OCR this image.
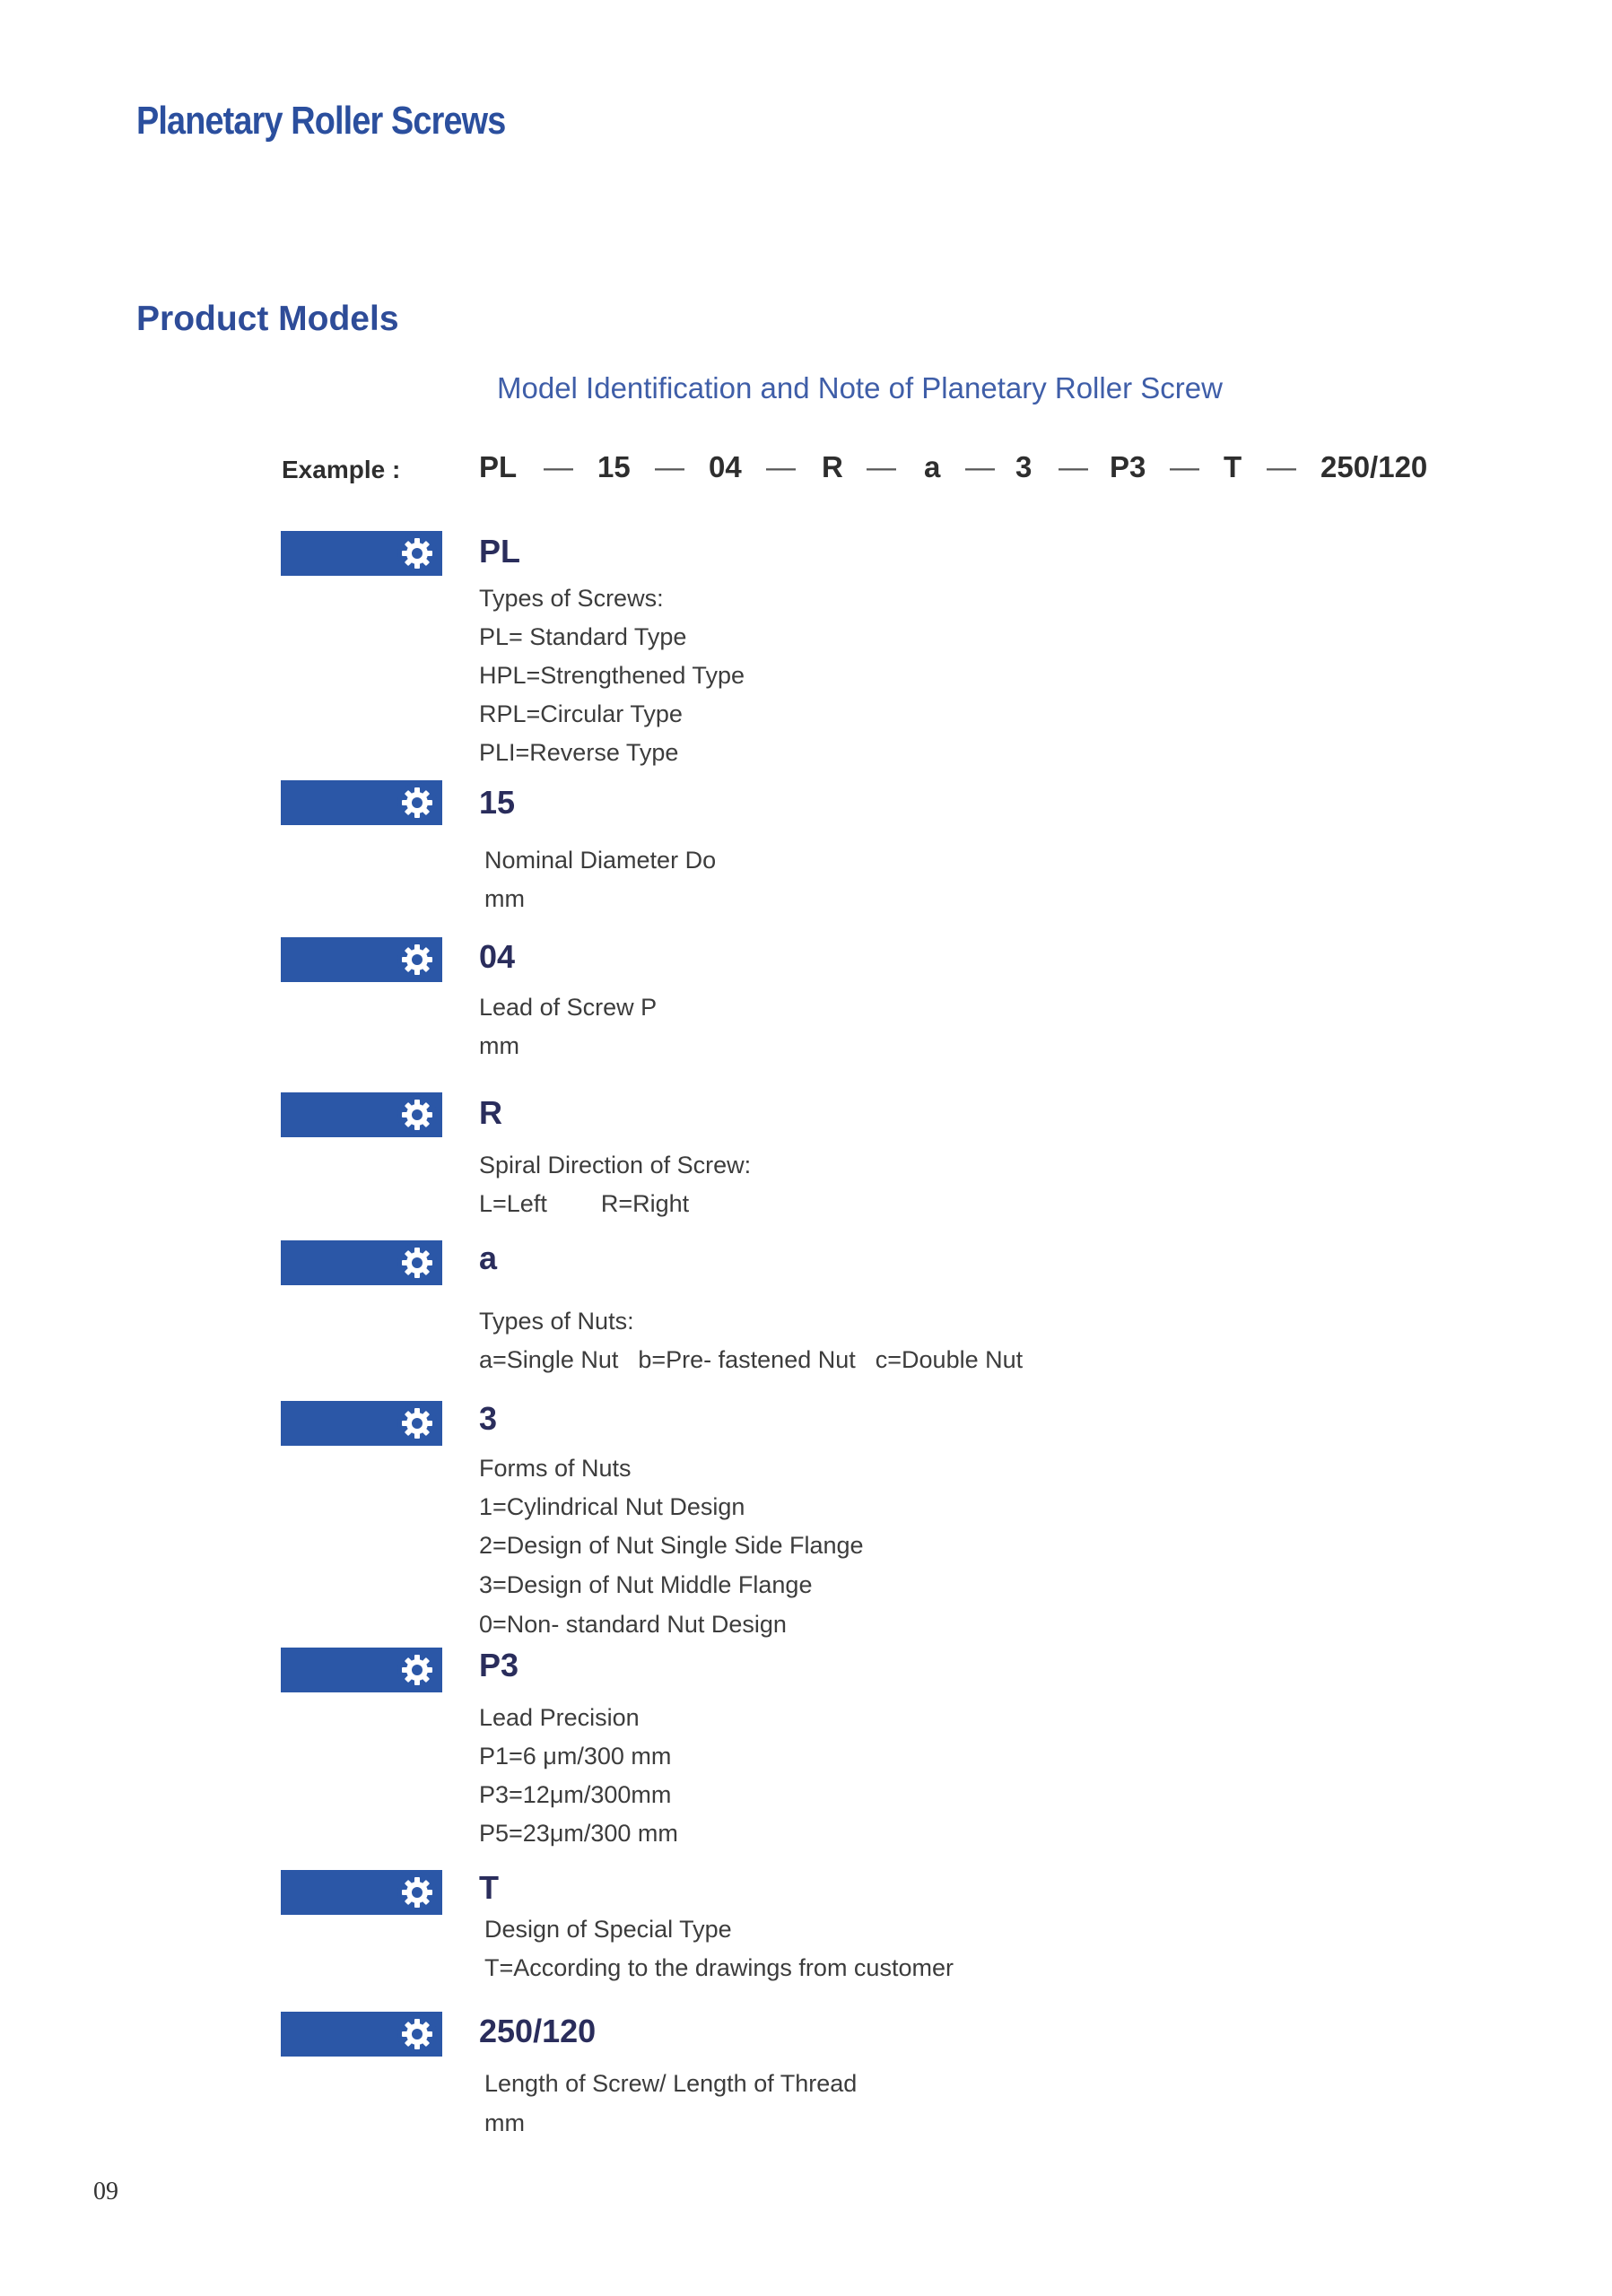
Planetary Roller Screws
Product Models
Model Identification and Note of Planetary Roller Screw
Example :	PL — 15 — 04 — R — a — 3 — P3 — T — 250/120
PL
Types of Screws:
PL= Standard Type
HPL=Strengthened Type
RPL=Circular Type
PLI=Reverse Type
15
Nominal Diameter Do
mm
04
Lead of Screw P
mm
R
Spiral Direction of Screw:
L=Left R=Right
a
Types of Nuts:
a=Single Nut b=Pre- fastened Nut c=Double Nut
3
Forms of Nuts
1=Cylindrical Nut Design
2=Design of Nut Single Side Flange
3=Design of Nut Middle Flange
0=Non- standard Nut Design
P3
Lead Precision
P1=6 μm/300 mm
P3=12μm/300mm
P5=23μm/300 mm
T
Design of Special Type
T=According to the drawings from customer
250/120
Length of Screw/ Length of Thread
mm
09
